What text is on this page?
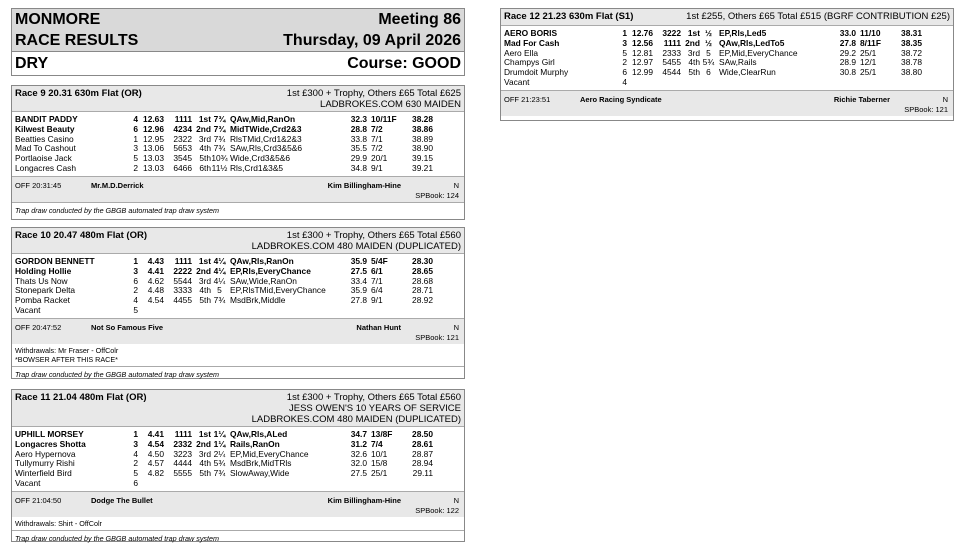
MONMORE	Meeting 86
RACE RESULTS	Thursday, 09 April 2026
DRY	Course: GOOD
Race 9 20.31 630m Flat (OR)	1st £300 + Trophy, Others £65 Total £625
LADBROKES.COM 630 MAIDEN
BANDIT PADDY	4 12.63	1111 1st 7¾ QAw,Mid,RanOn	32.3 10/11F	38.28
Kilwest Beauty	6 12.96	4234 2nd 7¾ MidTWide,Crd2&3	28.8 7/2	38.86
Beatties Casino	1 12.95	2322 3rd 7¾ RlsTMid,Crd1&2&3	33.8 7/1	38.89
Mad To Cashout	3 13.06	5653 4th 7¾ SAw,Rls,Crd3&5&6	35.5 7/2	38.90
Portlaoise Jack	5 13.03	3545 5th 10¾ Wide,Crd3&5&6	29.9 20/1	39.15
Longacres Cash	2 13.03	6466 6th 11½ Rls,Crd1&3&5	34.8 9/1	39.21
OFF 20:31:45	Mr.M.D.Derrick	Kim Billingham-Hine	N
SPBook: 124
Trap draw conducted by the GBGB automated trap draw system
Race 10 20.47 480m Flat (OR)	1st £300 + Trophy, Others £65 Total £560
LADBROKES.COM 480 MAIDEN (DUPLICATED)
GORDON BENNETT	1	4.43	1111 1st 4¼ QAw,Rls,RanOn	35.9 5/4F	28.30
Holding Hollie	3	4.41	2222 2nd 4¼ EP,Rls,EveryChance	27.5 6/1	28.65
Thats Us Now	6	4.62	5544 3rd 4¼ SAw,Wide,RanOn	33.4 7/1	28.68
Stonepark Delta	2	4.48	3333 4th 5 EP,RlsTMid,EveryChance	35.9 6/4	28.71
Pomba Racket	4	4.54	4455 5th 7¾ MsdBrk,Middle	27.8 9/1	28.92
Vacant	5
OFF 20:47:52	Not So Famous Five	Nathan Hunt	N
SPBook: 121
Withdrawals: Mr Fraser - OffColr
*BOWSER AFTER THIS RACE*
Trap draw conducted by the GBGB automated trap draw system
Race 11 21.04 480m Flat (OR)	1st £300 + Trophy, Others £65 Total £560
JESS OWEN'S 10 YEARS OF SERVICE
LADBROKES.COM 480 MAIDEN (DUPLICATED)
UPHILL MORSEY	1	4.41	1111 1st 1¼ QAw,Rls,ALed	34.7 13/8F	28.50
Longacres Shotta	3	4.54	2332 2nd 1¼ Rails,RanOn	31.2 7/4	28.61
Aero Hypernova	4	4.50	3223 3rd 2¼ EP,Mid,EveryChance	32.6 10/1	28.87
Tullymurry Rishi	2	4.57	4444 4th 5¾ MsdBrk,MidTRls	32.0 15/8	28.94
Winterfield Bird	5	4.82	5555 5th 7¾ SlowAway,Wide	27.5 25/1	29.11
Vacant	6
OFF 21:04:50	Dodge The Bullet	Kim Billingham-Hine	N
SPBook: 122
Withdrawals: Shirt - OffColr
Trap draw conducted by the GBGB automated trap draw system
Race 12 21.23 630m Flat (S1)	1st £255, Others £65 Total £515 (BGRF CONTRIBUTION £25)
AERO BORIS	1 12.76	3222 1st ½ EP,Rls,Led5	33.0 11/10	38.31
Mad For Cash	3 12.56	1111 2nd ½ QAw,Rls,LedTo5	27.8 8/11F	38.35
Aero Ella	5 12.81	2333 3rd 5 EP,Mid,EveryChance	29.2 25/1	38.72
Champys Girl	2 12.97	5455 4th 5¾ SAw,Rails	28.9 12/1	38.78
Drumdoit Murphy	6 12.99	4544 5th 6 Wide,ClearRun	30.8 25/1	38.80
Vacant	4
OFF 21:23:51	Aero Racing Syndicate	Richie Taberner	N
SPBook: 121
